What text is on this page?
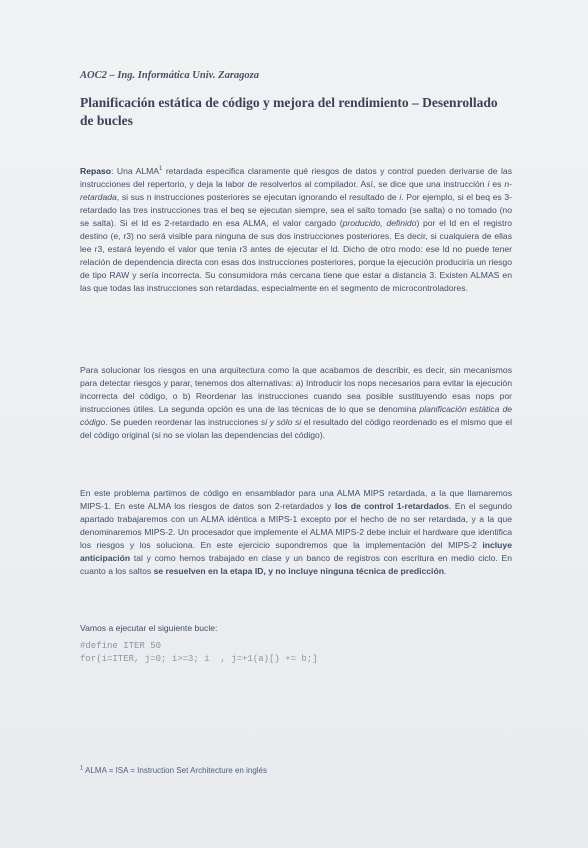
AOC2 – Ing. Informática Univ. Zaragoza
Planificación estática de código y mejora del rendimiento – Desenrollado de bucles

Repaso: Una ALMA$^1$ retardada especifica claramente qué riesgos de datos y control pueden derivarse de las instrucciones del repertorio, y deja la labor de resolverlos al compilador. Así, se dice que una instrucción i es n-retardada, si sus n instrucciones posteriores se ejecutan ignorando el resultado de i. Por ejemplo, si el beq es 3-retardado las tres instrucciones tras el beq se ejecutan siempre, sea el salto tomado (se salta) o no tomado (no se salta). Si el ld es 2-retardado en esa ALMA, el valor cargado (producido, definido) por el ld en el registro destino (e, r3) no será visible para ninguna de sus dos instrucciones posteriores. Es decir, si cualquiera de ellas lee r3, estará leyendo el valor que tenía r3 antes de ejecutar el ld. Dicho de otro modo: ese ld no puede tener relación de dependencia directa con esas dos instrucciones posteriores, porque la ejecución produciría un riesgo de tipo RAW y sería incorrecta. Su consumidora más cercana tiene que estar a distancia 3. Existen ALMAS en las que todas las instrucciones son retardadas, especialmente en el segmento de microcontroladores.

Para solucionar los riesgos en una arquitectura como la que acabamos de describir, es decir, sin mecanismos para detectar riesgos y parar, tenemos dos alternativas: a) Introducir los nops necesarios para evitar la ejecución incorrecta del código, o b) Reordenar las instrucciones cuando sea posible sustituyendo esas nops por instrucciones útiles. La segunda opción es una de las técnicas de lo que se denomina planificación estática de código. Se pueden reordenar las instrucciones si y sólo si el resultado del código reordenado es el mismo que el del código original (si no se violan las dependencias del código).

En este problema partimos de código en ensamblador para una ALMA MIPS retardada, a la que llamaremos MIPS-1. En este ALMA los riesgos de datos son 2-retardados y los de control 1-retardados. En el segundo apartado trabajaremos con un ALMA idéntica a MIPS-1 excepto por el hecho de no ser retardada, y a la que denominaremos MIPS-2. Un procesador que implemente el ALMA MIPS-2 debe incluir el hardware que identifica los riesgos y los soluciona. En este ejercicio supondremos que la implementación del MIPS-2 incluye anticipación tal y como hemos trabajado en clase y un banco de registros con escritura en medio ciclo. En cuanto a los saltos se resuelven en la etapa ID, y no incluye ninguna técnica de predicción.

Vamos a ejecutar el siguiente bucle:

#define ITER 50
for(i=ITER, j=0; i>=3; i  , j=+1(a)[) += b;]
$^1$ ALMA = ISA = Instruction Set Architecture en inglés
